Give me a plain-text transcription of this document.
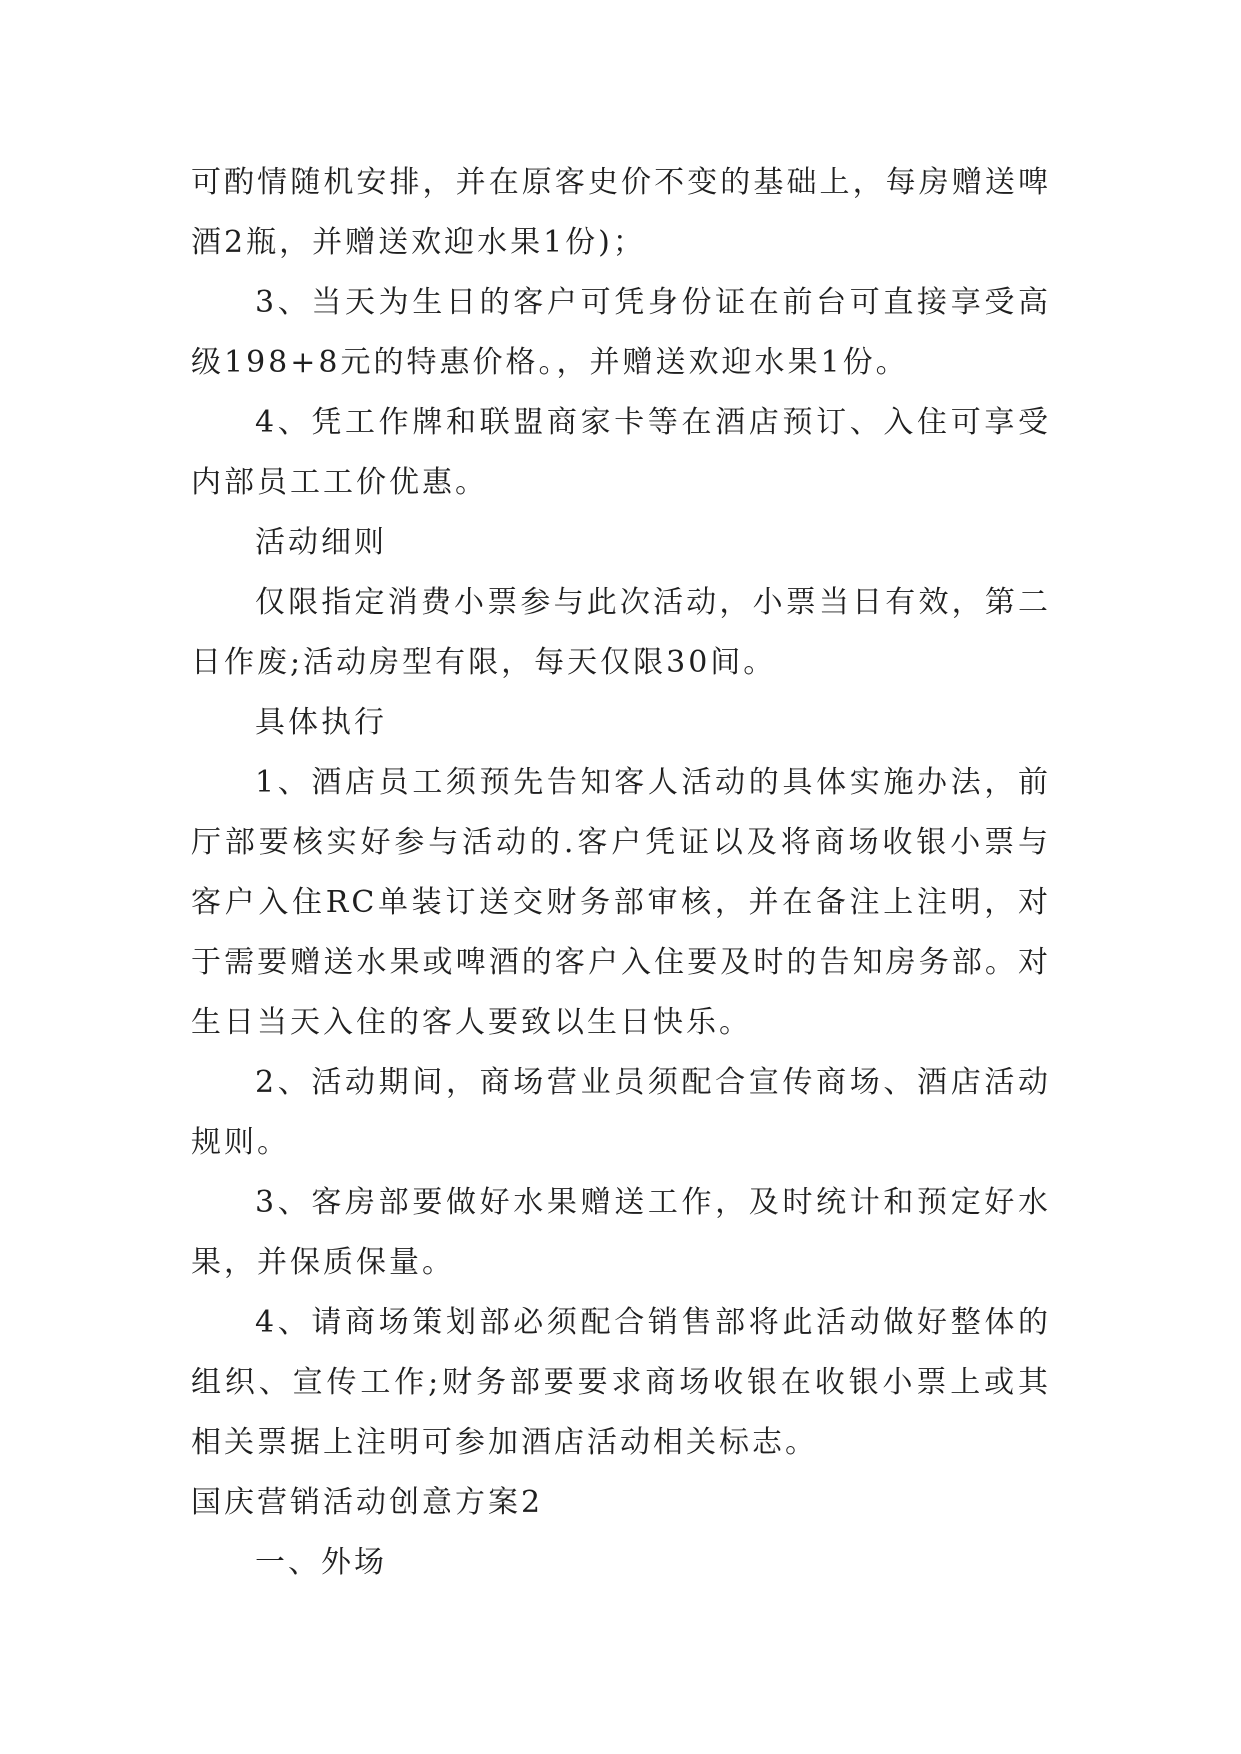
可酌情随机安排，并在原客史价不变的基础上，每房赠送啤酒2瓶，并赠送欢迎水果1份)；

3、当天为生日的客户可凭身份证在前台可直接享受高级198+8元的特惠价格。，并赠送欢迎水果1份。

4、凭工作牌和联盟商家卡等在酒店预订、入住可享受内部员工工价优惠。

活动细则

仅限指定消费小票参与此次活动，小票当日有效，第二日作废;活动房型有限，每天仅限30间。

具体执行

1、酒店员工须预先告知客人活动的具体实施办法，前厅部要核实好参与活动的.客户凭证以及将商场收银小票与客户入住RC单装订送交财务部审核，并在备注上注明，对于需要赠送水果或啤酒的客户入住要及时的告知房务部。对生日当天入住的客人要致以生日快乐。

2、活动期间，商场营业员须配合宣传商场、酒店活动规则。

3、客房部要做好水果赠送工作，及时统计和预定好水果，并保质保量。

4、请商场策划部必须配合销售部将此活动做好整体的组织、宣传工作;财务部要要求商场收银在收银小票上或其相关票据上注明可参加酒店活动相关标志。

国庆营销活动创意方案2

一、外场
